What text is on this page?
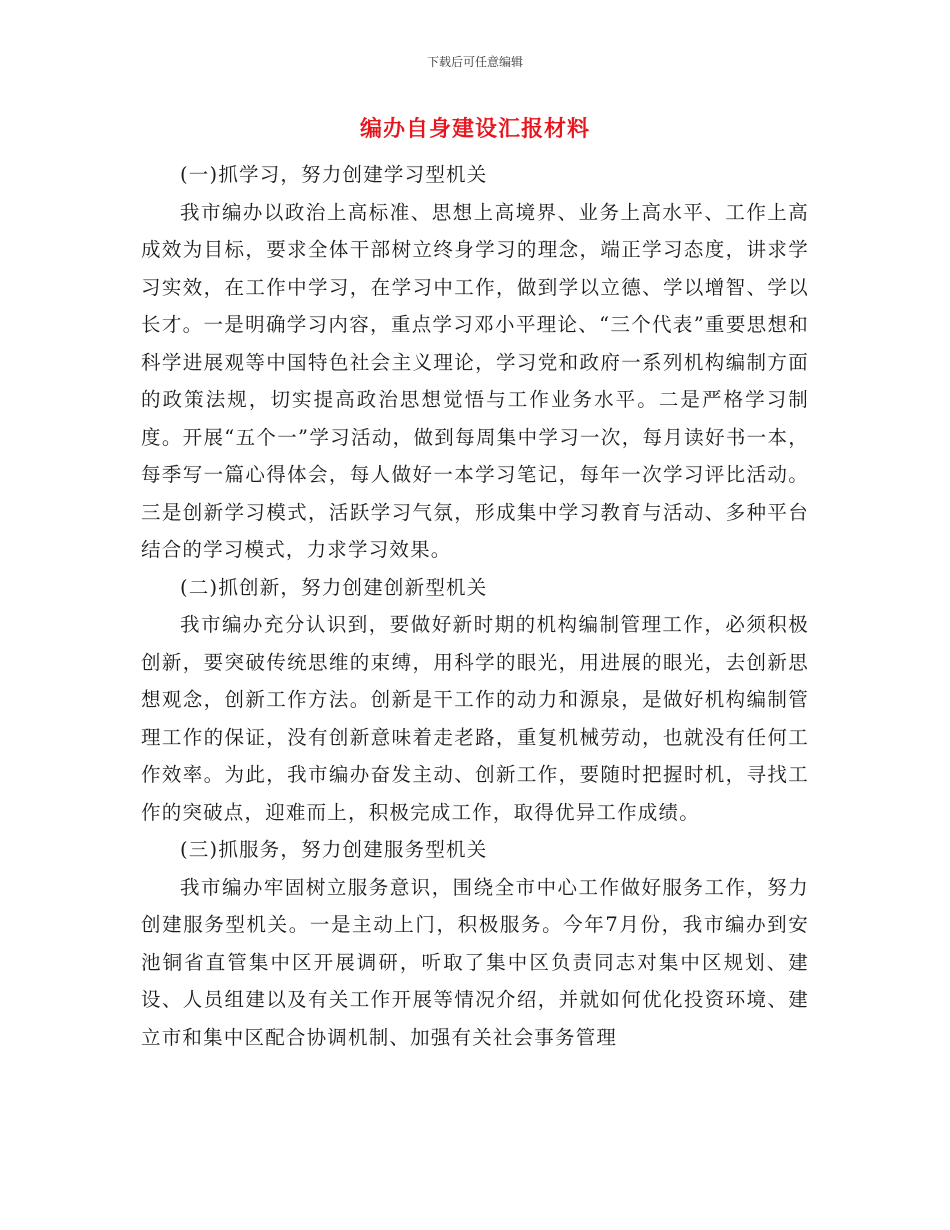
下载后可任意编辑
编办自身建设汇报材料

(一)抓学习，努力创建学习型机关

我市编办以政治上高标准、思想上高境界、业务上高水平、工作上高成效为目标，要求全体干部树立终身学习的理念，端正学习态度，讲求学习实效，在工作中学习，在学习中工作，做到学以立德、学以增智、学以长才。一是明确学习内容，重点学习邓小平理论、“三个代表”重要思想和科学进展观等中国特色社会主义理论，学习党和政府一系列机构编制方面的政策法规，切实提高政治思想觉悟与工作业务水平。二是严格学习制度。开展“五个一”学习活动，做到每周集中学习一次，每月读好书一本，每季写一篇心得体会，每人做好一本学习笔记，每年一次学习评比活动。三是创新学习模式，活跃学习气氛，形成集中学习教育与活动、多种平台结合的学习模式，力求学习效果。

(二)抓创新，努力创建创新型机关

我市编办充分认识到，要做好新时期的机构编制管理工作，必须积极创新，要突破传统思维的束缚，用科学的眼光，用进展的眼光，去创新思想观念，创新工作方法。创新是干工作的动力和源泉，是做好机构编制管理工作的保证，没有创新意味着走老路，重复机械劳动，也就没有任何工作效率。为此，我市编办奋发主动、创新工作，要随时把握时机，寻找工作的突破点，迎难而上，积极完成工作，取得优异工作成绩。

(三)抓服务，努力创建服务型机关

我市编办牢固树立服务意识，围绕全市中心工作做好服务工作，努力创建服务型机关。一是主动上门，积极服务。今年7月份，我市编办到安池铜省直管集中区开展调研，听取了集中区负责同志对集中区规划、建设、人员组建以及有关工作开展等情况介绍，并就如何优化投资环境、建立市和集中区配合协调机制、加强有关社会事务管理
